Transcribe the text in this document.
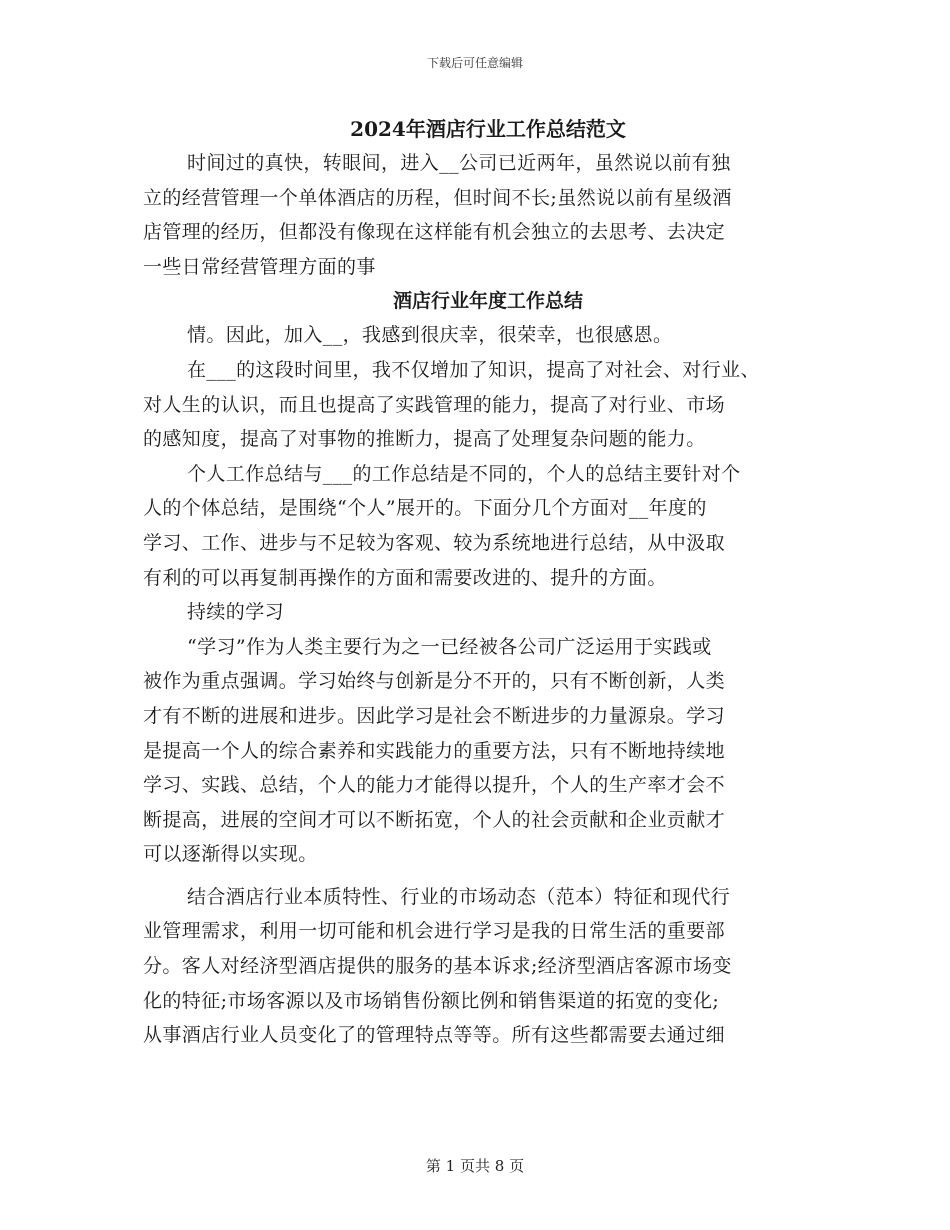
下载后可任意编辑
2024年酒店行业工作总结范文
时间过的真快，转眼间，进入__公司已近两年，虽然说以前有独
立的经营管理一个单体酒店的历程，但时间不长;虽然说以前有星级酒
店管理的经历，但都没有像现在这样能有机会独立的去思考、去决定
一些日常经营管理方面的事
酒店行业年度工作总结
情。因此，加入__，我感到很庆幸，很荣幸，也很感恩。
在___的这段时间里，我不仅增加了知识，提高了对社会、对行业、
对人生的认识，而且也提高了实践管理的能力，提高了对行业、市场
的感知度，提高了对事物的推断力，提高了处理复杂问题的能力。
个人工作总结与___的工作总结是不同的，个人的总结主要针对个
人的个体总结，是围绕“个人”展开的。下面分几个方面对__年度的
学习、工作、进步与不足较为客观、较为系统地进行总结，从中汲取
有利的可以再复制再操作的方面和需要改进的、提升的方面。
持续的学习
“学习”作为人类主要行为之一已经被各公司广泛运用于实践或
被作为重点强调。学习始终与创新是分不开的，只有不断创新，人类
才有不断的进展和进步。因此学习是社会不断进步的力量源泉。学习
是提高一个人的综合素养和实践能力的重要方法，只有不断地持续地
学习、实践、总结，个人的能力才能得以提升，个人的生产率才会不
断提高，进展的空间才可以不断拓宽，个人的社会贡献和企业贡献才
可以逐渐得以实现。
结合酒店行业本质特性、行业的市场动态（范本）特征和现代行
业管理需求，利用一切可能和机会进行学习是我的日常生活的重要部
分。客人对经济型酒店提供的服务的基本诉求;经济型酒店客源市场变
化的特征;市场客源以及市场销售份额比例和销售渠道的拓宽的变化;
从事酒店行业人员变化了的管理特点等等。所有这些都需要去通过细
第 1 页共 8 页
